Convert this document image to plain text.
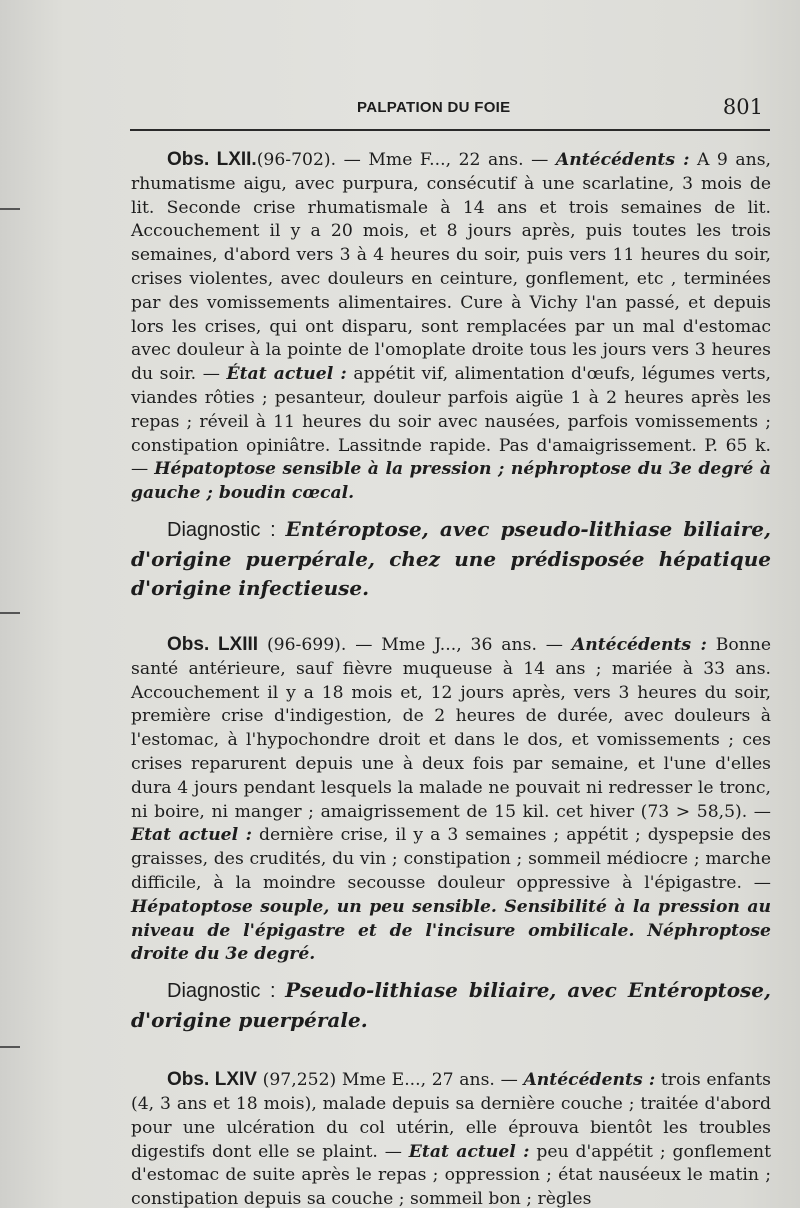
PALPATION DU FOIE	801

Obs. LXII.(96-702). — Mme F..., 22 ans. — Antécédents : A 9 ans, rhumatisme aigu, avec purpura, consécutif à une scarlatine, 3 mois de lit. Seconde crise rhumatismale à 14 ans et trois semaines de lit. Accouchement il y a 20 mois, et 8 jours après, puis toutes les trois semaines, d'abord vers 3 à 4 heures du soir, puis vers 11 heures du soir, crises violentes, avec douleurs en ceinture, gonflement, etc , terminées par des vomissements alimentaires. Cure à Vichy l'an passé, et depuis lors les crises, qui ont disparu, sont remplacées par un mal d'estomac avec douleur à la pointe de l'omoplate droite tous les jours vers 3 heures du soir. — État actuel : appétit vif, alimentation d'œufs, légumes verts, viandes rôties ; pesanteur, douleur parfois aigüe 1 à 2 heures après les repas ; réveil à 11 heures du soir avec nausées, parfois vomissements ; constipation opiniâtre. Lassitnde rapide. Pas d'amaigrissement. P. 65 k. — Hépatoptose sensible à la pression ; néphroptose du 3e degré à gauche ; boudin cœcal.

Diagnostic : Entéroptose, avec pseudo-lithiase biliaire, d'origine puerpérale, chez une prédisposée hépatique d'origine infectieuse.

Obs. LXIII (96-699). — Mme J..., 36 ans. — Antécédents : Bonne santé antérieure, sauf fièvre muqueuse à 14 ans ; mariée à 33 ans. Accouchement il y a 18 mois et, 12 jours après, vers 3 heures du soir, première crise d'indigestion, de 2 heures de durée, avec douleurs à l'estomac, à l'hypochondre droit et dans le dos, et vomissements ; ces crises reparurent depuis une à deux fois par semaine, et l'une d'elles dura 4 jours pendant lesquels la malade ne pouvait ni redresser le tronc, ni boire, ni manger ; amaigrissement de 15 kil. cet hiver (73 > 58,5). — Etat actuel : dernière crise, il y a 3 semaines ; appétit ; dyspepsie des graisses, des crudités, du vin ; constipation ; sommeil médiocre ; marche difficile, à la moindre secousse douleur oppressive à l'épigastre. — Hépatoptose souple, un peu sensible. Sensibilité à la pression au niveau de l'épigastre et de l'incisure ombilicale. Néphroptose droite du 3e degré.

Diagnostic : Pseudo-lithiase biliaire, avec Entéroptose, d'origine puerpérale.

Obs. LXIV (97,252) Mme E..., 27 ans. — Antécédents : trois enfants (4, 3 ans et 18 mois), malade depuis sa dernière couche ; traitée d'abord pour une ulcération du col utérin, elle éprouva bientôt les troubles digestifs dont elle se plaint. — Etat actuel : peu d'appétit ; gonflement d'estomac de suite après le repas ; oppression ; état nauséeux le matin ; constipation depuis sa couche ; sommeil bon ; règles
